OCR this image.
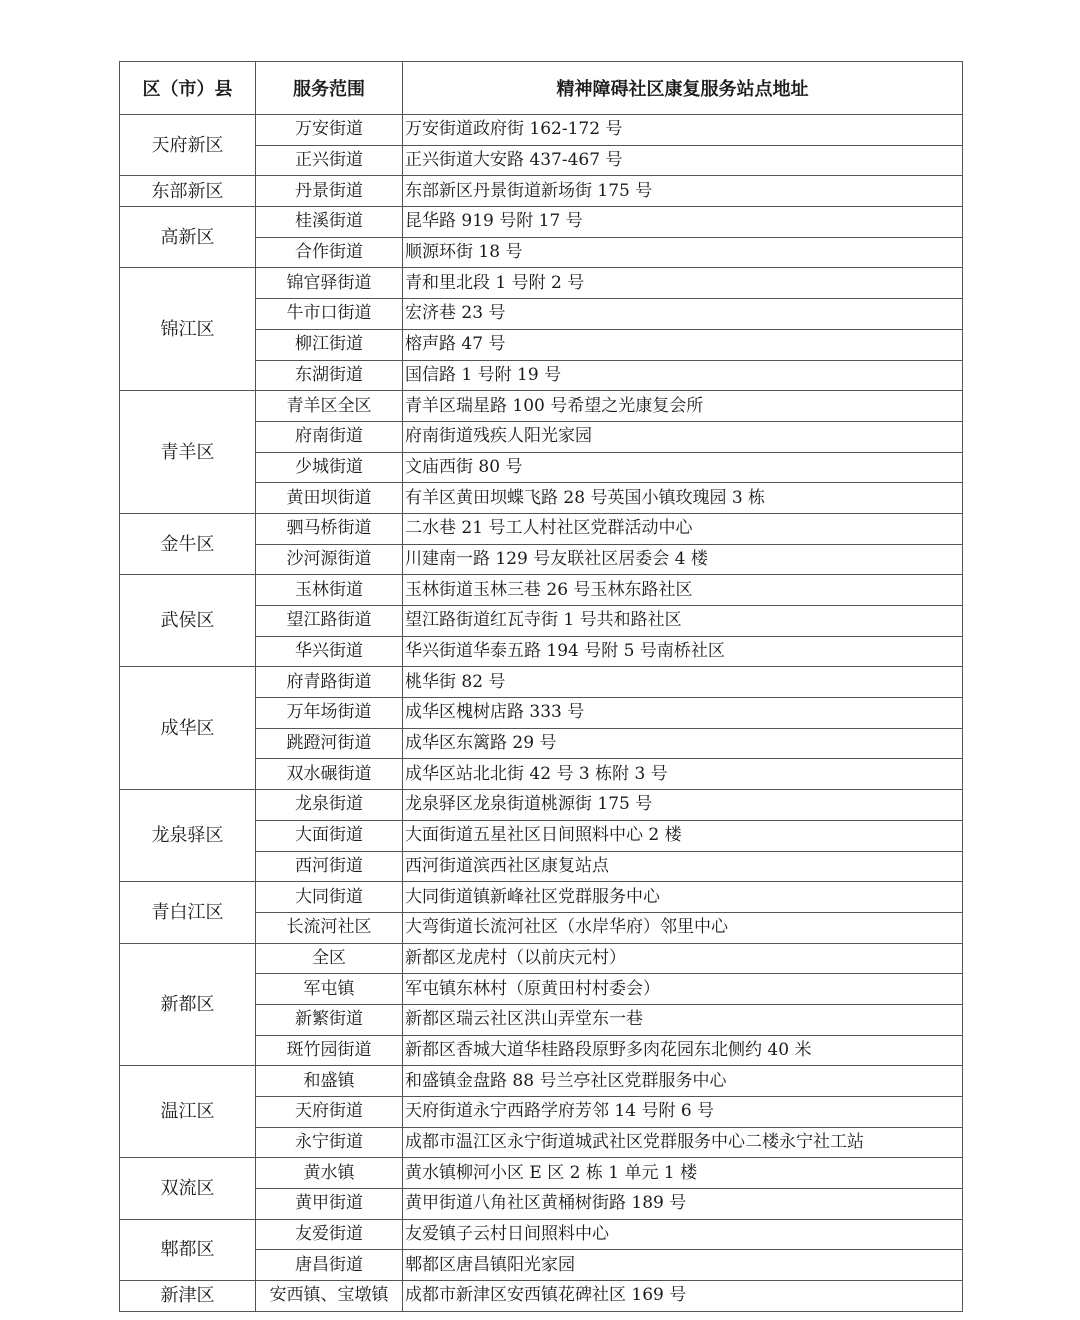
区（市）县	服务范围	精神障碍社区康复服务站点地址
天府新区	万安街道	万安街道政府街 162-172 号
	正兴街道	正兴街道大安路 437-467 号
东部新区	丹景街道	东部新区丹景街道新场街 175 号
高新区	桂溪街道	昆华路 919 号附 17 号
	合作街道	顺源环街 18 号
锦江区	锦官驿街道	青和里北段 1 号附 2 号
	牛市口街道	宏济巷 23 号
	柳江街道	榕声路 47 号
	东湖街道	国信路 1 号附 19 号
青羊区	青羊区全区	青羊区瑞星路 100 号希望之光康复会所
	府南街道	府南街道残疾人阳光家园
	少城街道	文庙西街 80 号
	黄田坝街道	有羊区黄田坝蝶飞路 28 号英国小镇玫瑰园 3 栋
金牛区	驷马桥街道	二水巷 21 号工人村社区党群活动中心
	沙河源街道	川建南一路 129 号友联社区居委会 4 楼
武侯区	玉林街道	玉林街道玉林三巷 26 号玉林东路社区
	望江路街道	望江路街道红瓦寺街 1 号共和路社区
	华兴街道	华兴街道华泰五路 194 号附 5 号南桥社区
成华区	府青路街道	桃华街 82 号
	万年场街道	成华区槐树店路 333 号
	跳蹬河街道	成华区东篱路 29 号
	双水碾街道	成华区站北北街 42 号 3 栋附 3 号
龙泉驿区	龙泉街道	龙泉驿区龙泉街道桃源街 175 号
	大面街道	大面街道五星社区日间照料中心 2 楼
	西河街道	西河街道滨西社区康复站点
青白江区	大同街道	大同街道镇新峰社区党群服务中心
	长流河社区	大弯街道长流河社区（水岸华府）邻里中心
新都区	全区	新都区龙虎村（以前庆元村）
	军屯镇	军屯镇东林村（原黄田村村委会）
	新繁街道	新都区瑞云社区洪山弄堂东一巷
	斑竹园街道	新都区香城大道华桂路段原野多肉花园东北侧约 40 米
温江区	和盛镇	和盛镇金盘路 88 号兰亭社区党群服务中心
	天府街道	天府街道永宁西路学府芳邻 14 号附 6 号
	永宁街道	成都市温江区永宁街道城武社区党群服务中心二楼永宁社工站
双流区	黄水镇	黄水镇柳河小区 E 区 2 栋 1 单元 1 楼
	黄甲街道	黄甲街道八角社区黄桶树街路 189 号
郫都区	友爱街道	友爱镇子云村日间照料中心
	唐昌街道	郫都区唐昌镇阳光家园
新津区	安西镇、宝墩镇	成都市新津区安西镇花碑社区 169 号
